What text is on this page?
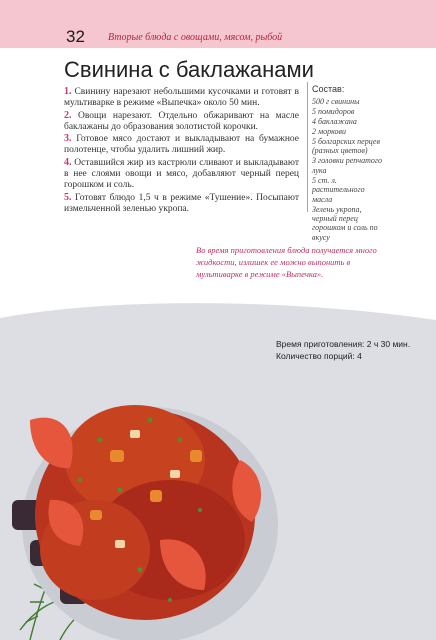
32 Вторые блюда с овощами, мясом, рыбой
Свинина с баклажанами
1. Свинину нарезают небольшими кусочками и готовят в мультиварке в режиме «Выпечка» около 50 мин.
2. Овощи нарезают. Отдельно обжаривают на масле баклажаны до образования золотистой корочки.
3. Готовое мясо достают и выкладывают на бумажное полотенце, чтобы удалить лишний жир.
4. Оставшийся жир из кастрюли сливают и выкладывают в нее слоями овощи и мясо, добавляют черный перец горошком и соль.
5. Готовят блюдо 1,5 ч в режиме «Тушение». Посыпают измельченной зеленью укропа.
Состав:
500 г свинины
5 помидоров
4 баклажана
2 моркови
5 болгарских перцев (разных цветов)
3 головки репчатого лука
5 ст. л. растительного масла
Зелень укропа, черный перец горошком и соль по вкусу

Во время приготовления блюда получается много жидкости, излишек ее можно выпонить в мультиварке в режиме «Выпечка».

Время приготовления: 2 ч 30 мин.
Количество порций: 4
